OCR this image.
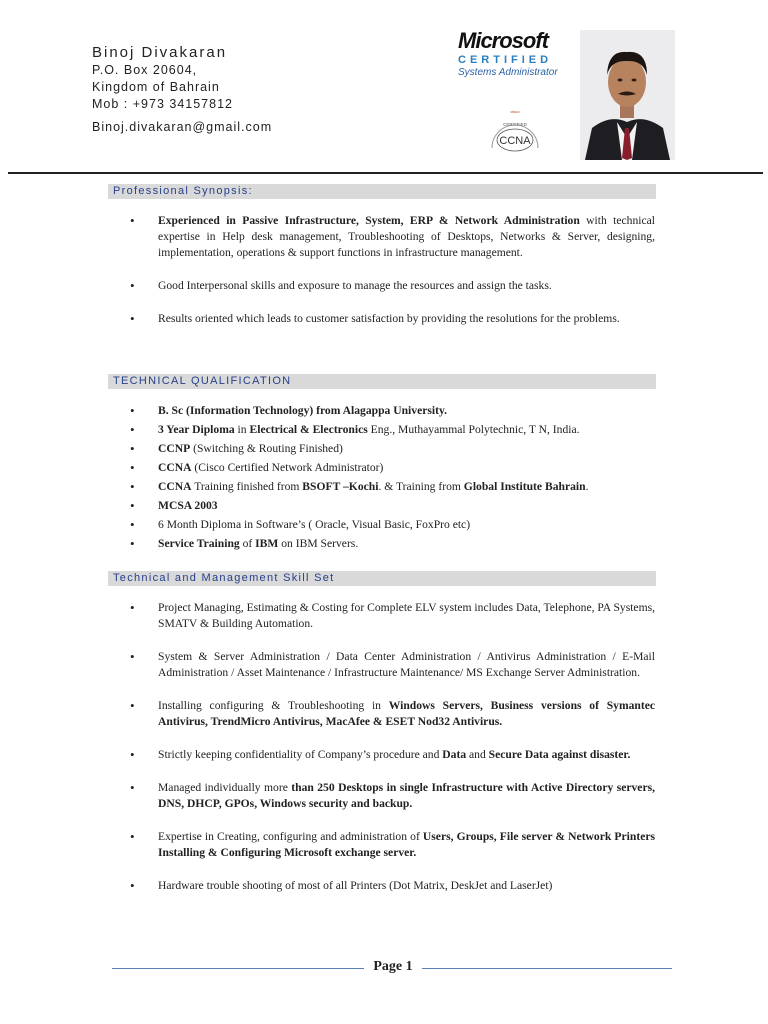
Binoj Divakaran
P.O. Box 20604,
Kingdom of Bahrain
Mob : +973 34157812
Binoj.divakaran@gmail.com
Microsoft
CERTIFIED
Systems Administrator
cisco
CERTIFIED
CCNA
Professional Synopsis:
• Experienced in Passive Infrastructure, System, ERP & Network Administration with technical expertise in Help desk management, Troubleshooting of Desktops, Networks & Server, designing, implementation, operations & support functions in infrastructure management.
• Good Interpersonal skills and exposure to manage the resources and assign the tasks.
• Results oriented which leads to customer satisfaction by providing the resolutions for the problems.
TECHNICAL QUALIFICATION
• B. Sc (Information Technology) from Alagappa University.
• 3 Year Diploma in Electrical & Electronics Eng., Muthayammal Polytechnic, T N, India.
• CCNP (Switching & Routing Finished)
• CCNA (Cisco Certified Network Administrator)
• CCNA Training finished from BSOFT –Kochi. & Training from Global Institute Bahrain.
• MCSA 2003
• 6 Month Diploma in Software’s ( Oracle, Visual Basic, FoxPro etc)
• Service Training of IBM on IBM Servers.
Technical and Management Skill Set
• Project Managing, Estimating & Costing for Complete ELV system includes Data, Telephone, PA Systems, SMATV & Building Automation.
• System & Server Administration / Data Center Administration / Antivirus Administration / E-Mail Administration / Asset Maintenance / Infrastructure Maintenance/ MS Exchange Server Administration.
• Installing configuring & Troubleshooting in Windows Servers, Business versions of Symantec Antivirus, TrendMicro Antivirus, MacAfee & ESET Nod32 Antivirus.
• Strictly keeping confidentiality of Company’s procedure and Data and Secure Data against disaster.
• Managed individually more than 250 Desktops in single Infrastructure with Active Directory servers, DNS, DHCP, GPOs, Windows security and backup.
• Expertise in Creating, configuring and administration of Users, Groups, File server & Network Printers Installing & Configuring Microsoft exchange server.
• Hardware trouble shooting of most of all Printers (Dot Matrix, DeskJet and LaserJet)
Page 1
